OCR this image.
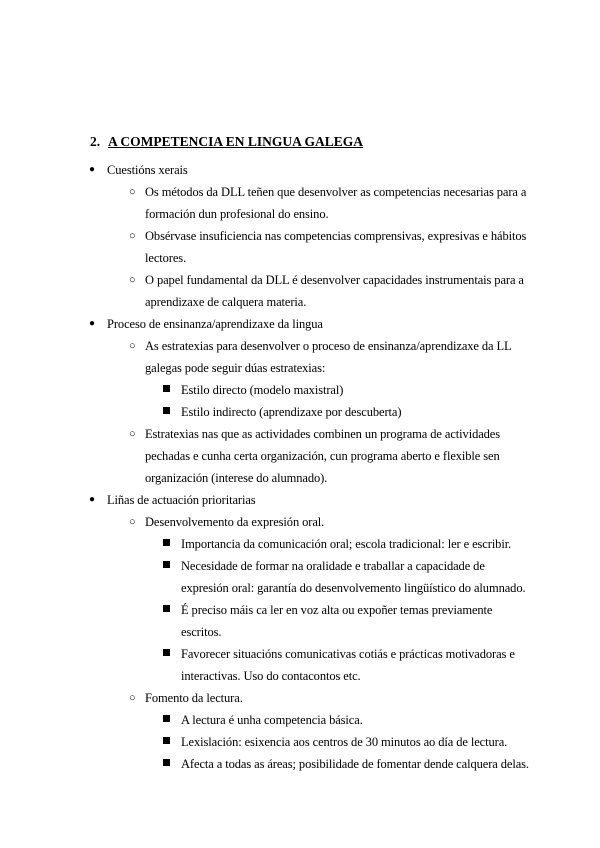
2. A COMPETENCIA EN LINGUA GALEGA
● Cuestións xerais
○ Os métodos da DLL teñen que desenvolver as competencias necesarias para a
formación dun profesional do ensino.
○ Obsérvase insuficiencia nas competencias comprensivas, expresivas e hábitos
lectores.
○ O papel fundamental da DLL é desenvolver capacidades instrumentais para a
aprendizaxe de calquera materia.
● Proceso de ensinanza/aprendizaxe da lingua
○ As estratexias para desenvolver o proceso de ensinanza/aprendizaxe da LL
galegas pode seguir dúas estratexias:
Estilo directo (modelo maxistral)
Estilo indirecto (aprendizaxe por descuberta)
○ Estratexias nas que as actividades combinen un programa de actividades
pechadas e cunha certa organización, cun programa aberto e flexible sen
organización (interese do alumnado).
● Liñas de actuación prioritarias
○ Desenvolvemento da expresión oral.
Importancia da comunicación oral; escola tradicional: ler e escribir.
Necesidade de formar na oralidade e traballar a capacidade de
expresión oral: garantía do desenvolvemento lingüístico do alumnado.
É preciso máis ca ler en voz alta ou expoñer temas previamente
escritos.
Favorecer situacións comunicativas cotiás e prácticas motivadoras e
interactivas. Uso do contacontos etc.
○ Fomento da lectura.
A lectura é unha competencia básica.
Lexislación: esixencia aos centros de 30 minutos ao día de lectura.
Afecta a todas as áreas; posibilidade de fomentar dende calquera delas.
